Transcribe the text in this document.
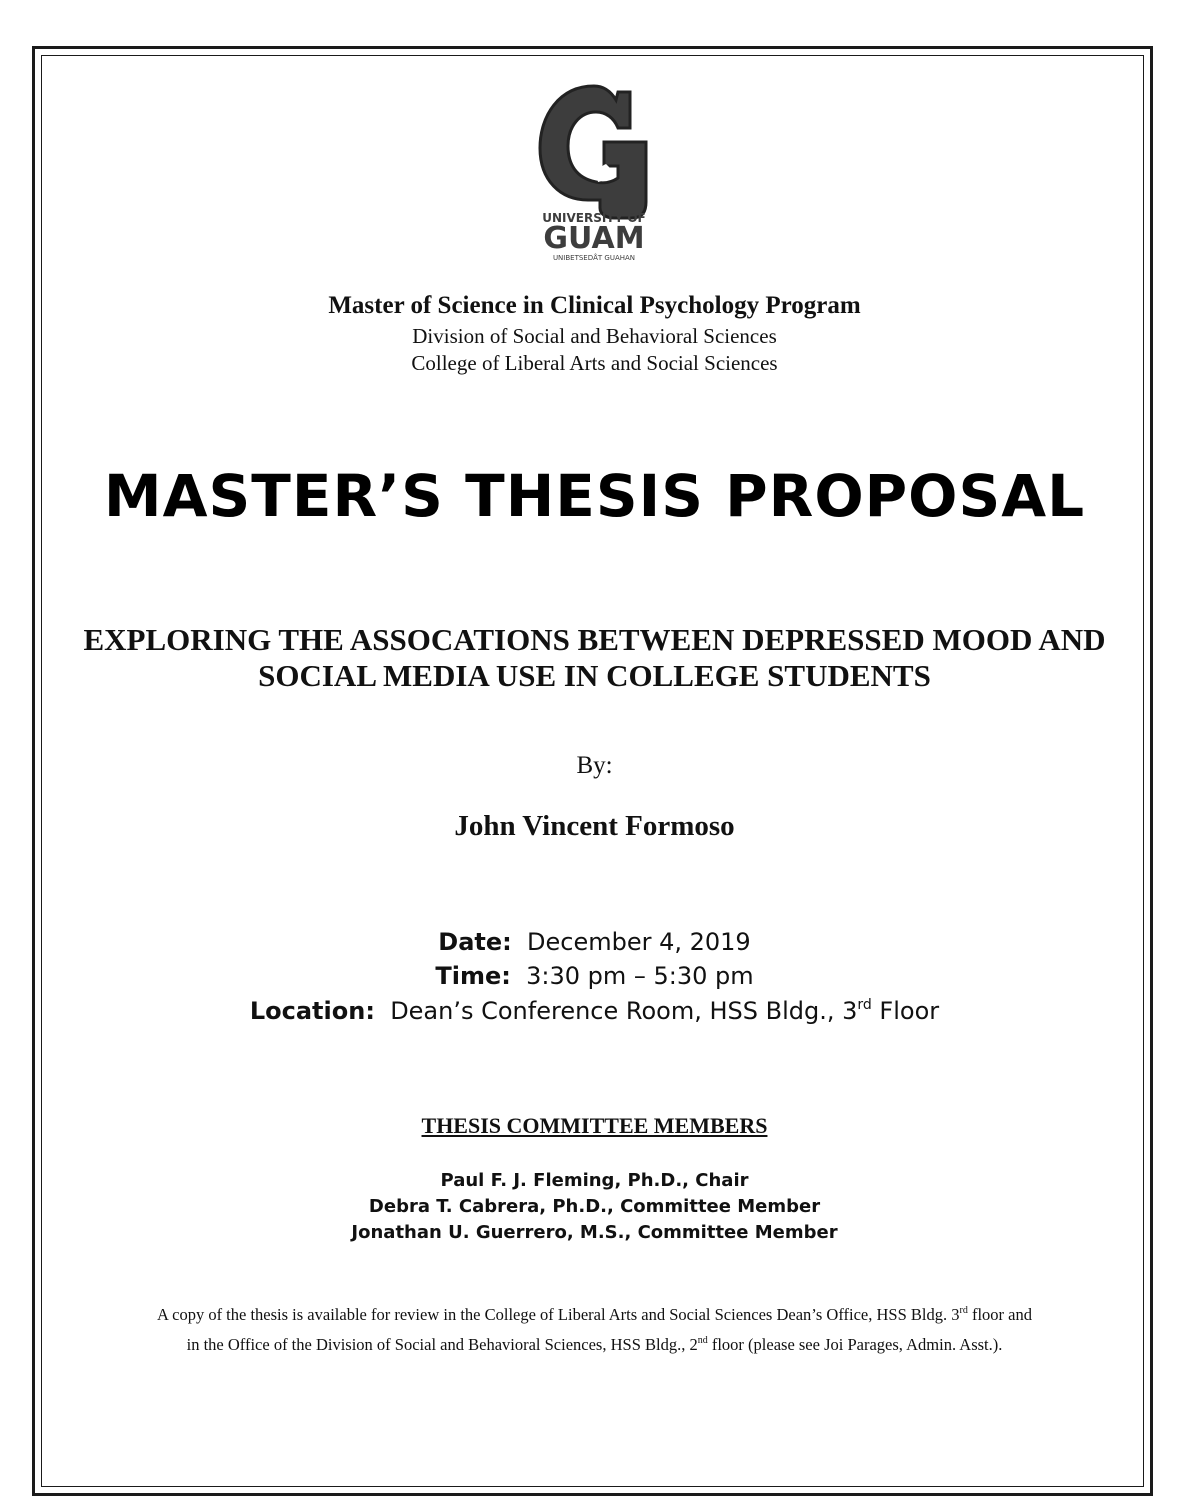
UNIVERSITY OF
GUAM
UNIBETSEDÅT GUAHAN
Master of Science in Clinical Psychology Program
Division of Social and Behavioral Sciences
College of Liberal Arts and Social Sciences
MASTER’S THESIS PROPOSAL
EXPLORING THE ASSOCATIONS BETWEEN DEPRESSED MOOD AND
SOCIAL MEDIA USE IN COLLEGE STUDENTS
By:
John Vincent Formoso
Date: December 4, 2019
Time: 3:30 pm – 5:30 pm
Location: Dean’s Conference Room, HSS Bldg., 3rd Floor
THESIS COMMITTEE MEMBERS
Paul F. J. Fleming, Ph.D., Chair
Debra T. Cabrera, Ph.D., Committee Member
Jonathan U. Guerrero, M.S., Committee Member
A copy of the thesis is available for review in the College of Liberal Arts and Social Sciences Dean’s Office, HSS Bldg. 3rd floor and
in the Office of the Division of Social and Behavioral Sciences, HSS Bldg., 2nd floor (please see Joi Parages, Admin. Asst.).
